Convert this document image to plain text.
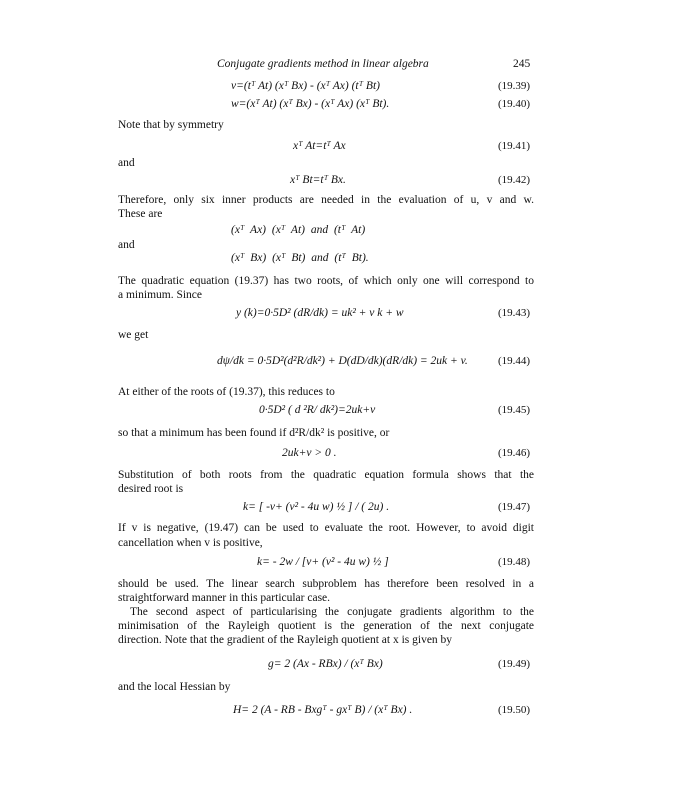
Conjugate gradients method in linear algebra	245
v=(tᵀ At) (xᵀ Bx) - (xᵀ Ax) (tᵀ Bt)	(19.39)
w=(xᵀ At) (xᵀ Bx) - (xᵀ Ax) (xᵀ Bt).	(19.40)
Note that by symmetry
xᵀ At=tᵀ Ax	(19.41)
and
xᵀ Bt=tᵀ Bx.	(19.42)
Therefore, only six inner products are needed in the evaluation of u, v and w.
These are
(xᵀ Ax) (xᵀ At) and (tᵀ At)
and
(xᵀ Bx) (xᵀ Bt) and (tᵀ Bt).
The quadratic equation (19.37) has two roots, of which only one will correspond to
a minimum. Since
y (k)=0·5D² (dR/dk) = uk² + v k + w	(19.43)
we get
dψ/dk = 0·5D²(d²R/dk²) + D(dD/dk)(dR/dk) = 2uk + v.	(19.44)
At either of the roots of (19.37), this reduces to
0·5D² ( d ²R/ dk²)=2uk+v	(19.45)
so that a minimum has been found if d²R/dk² is positive, or
2uk+v > 0 .	(19.46)
Substitution of both roots from the quadratic equation formula shows that the
desired root is
k= [ -v+ (v² - 4u w) ½ ] / ( 2u) .	(19.47)
If v is negative, (19.47) can be used to evaluate the root. However, to avoid digit
cancellation when v is positive,
k= - 2w / [v+ (v² - 4u w) ½ ]	(19.48)
should be used. The linear search subproblem has therefore been resolved in a
straightforward manner in this particular case.
The second aspect of particularising the conjugate gradients algorithm to the
minimisation of the Rayleigh quotient is the generation of the next conjugate
direction. Note that the gradient of the Rayleigh quotient at x is given by
g= 2 (Ax - RBx) / (xᵀ Bx)	(19.49)
and the local Hessian by
H= 2 (A - RB - Bxgᵀ - gxᵀ B) / (xᵀ Bx) .	(19.50)
